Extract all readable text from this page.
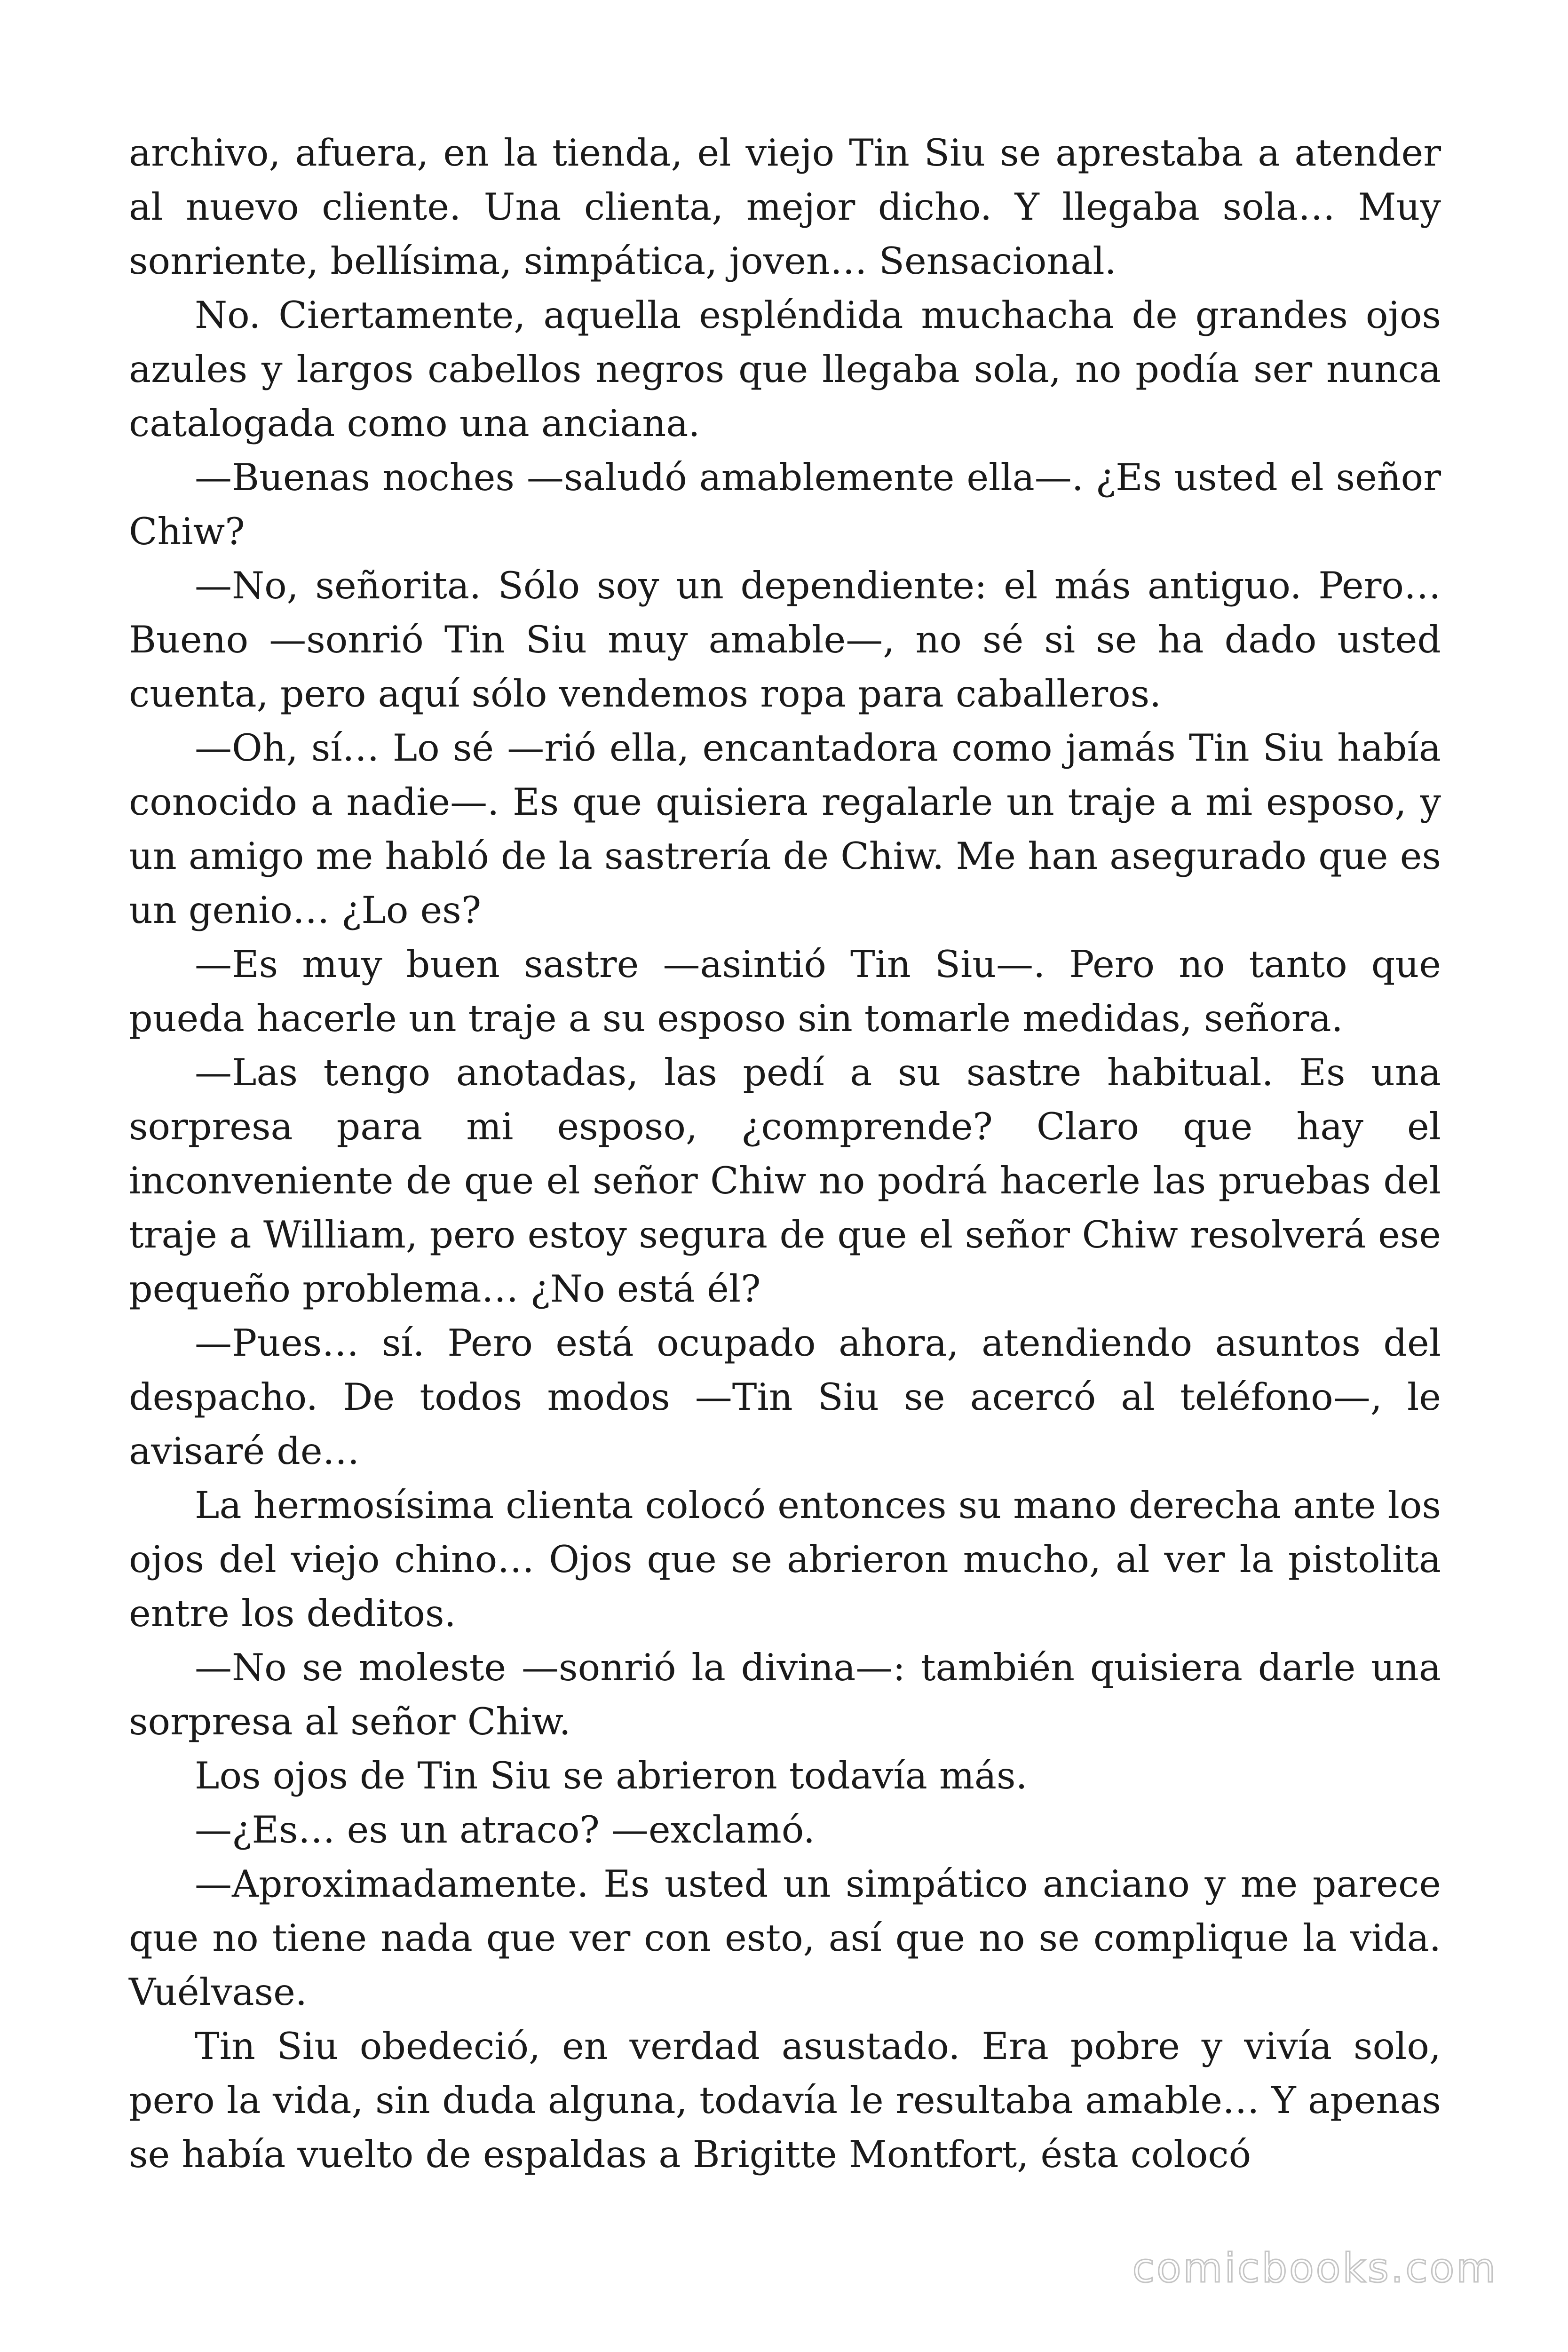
archivo, afuera, en la tienda, el viejo Tin Siu se aprestaba a atender al nuevo cliente. Una clienta, mejor dicho. Y llegaba sola… Muy sonriente, bellísima, simpática, joven… Sensacional.

No. Ciertamente, aquella espléndida muchacha de grandes ojos azules y largos cabellos negros que llegaba sola, no podía ser nunca catalogada como una anciana.

—Buenas noches —saludó amablemente ella—. ¿Es usted el señor Chiw?

—No, señorita. Sólo soy un dependiente: el más antiguo. Pero… Bueno —sonrió Tin Siu muy amable—, no sé si se ha dado usted cuenta, pero aquí sólo vendemos ropa para caballeros.

—Oh, sí… Lo sé —rió ella, encantadora como jamás Tin Siu había conocido a nadie—. Es que quisiera regalarle un traje a mi esposo, y un amigo me habló de la sastrería de Chiw. Me han asegurado que es un genio… ¿Lo es?

—Es muy buen sastre —asintió Tin Siu—. Pero no tanto que pueda hacerle un traje a su esposo sin tomarle medidas, señora.

—Las tengo anotadas, las pedí a su sastre habitual. Es una sorpresa para mi esposo, ¿comprende? Claro que hay el inconveniente de que el señor Chiw no podrá hacerle las pruebas del traje a William, pero estoy segura de que el señor Chiw resolverá ese pequeño problema… ¿No está él?

—Pues… sí. Pero está ocupado ahora, atendiendo asuntos del despacho. De todos modos —Tin Siu se acercó al teléfono—, le avisaré de…

La hermosísima clienta colocó entonces su mano derecha ante los ojos del viejo chino… Ojos que se abrieron mucho, al ver la pistolita entre los deditos.

—No se moleste —sonrió la divina—: también quisiera darle una sorpresa al señor Chiw.

Los ojos de Tin Siu se abrieron todavía más.

—¿Es… es un atraco? —exclamó.

—Aproximadamente. Es usted un simpático anciano y me parece que no tiene nada que ver con esto, así que no se complique la vida. Vuélvase.

Tin Siu obedeció, en verdad asustado. Era pobre y vivía solo, pero la vida, sin duda alguna, todavía le resultaba amable… Y apenas se había vuelto de espaldas a Brigitte Montfort, ésta colocó

comicbooks.com
